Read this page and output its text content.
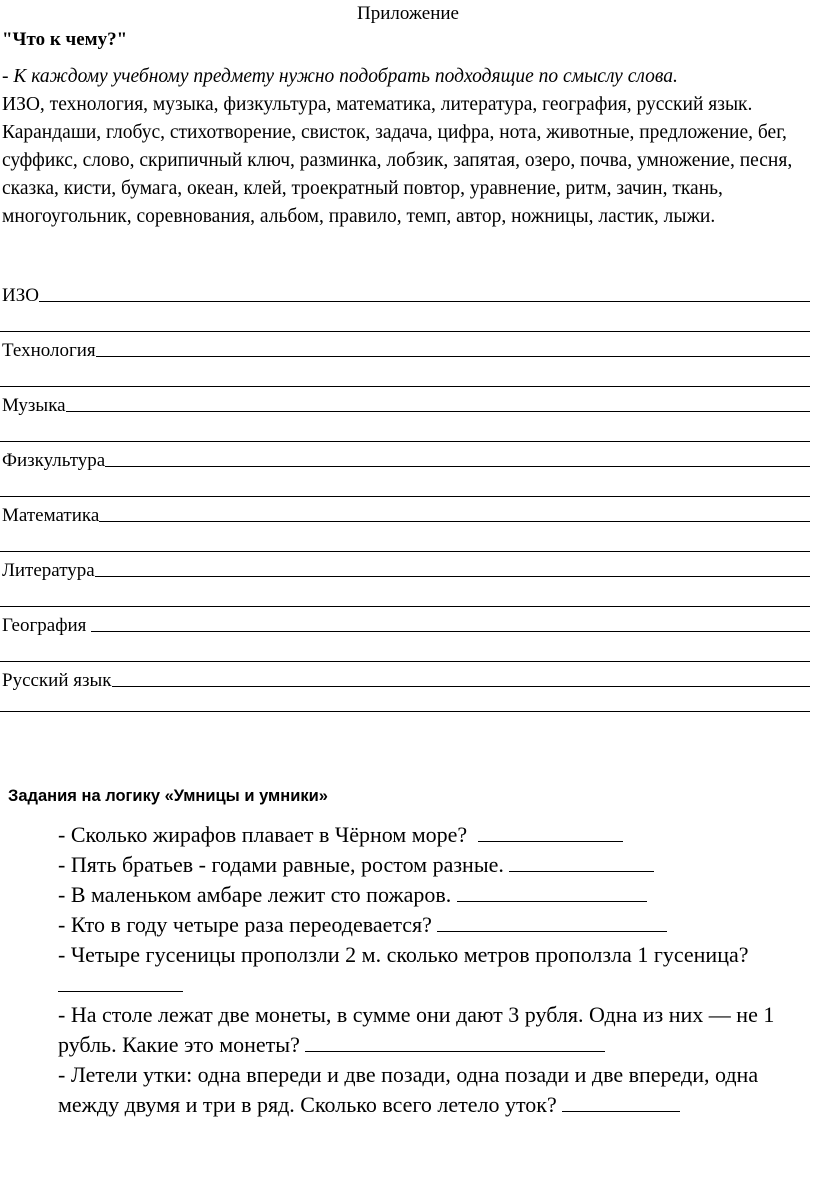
Приложение
"Что к чему?"

- К каждому учебному предмету нужно подобрать подходящие по смыслу слова.

ИЗО, технология, музыка, физкультура, математика, литература, география, русский язык.

Карандаши, глобус, стихотворение, свисток, задача, цифра, нота, животные, предложение, бег, суффикс, слово, скрипичный ключ, разминка, лобзик, запятая, озеро, почва, умножение, песня, сказка, кисти, бумага, океан, клей, троекратный повтор, уравнение, ритм, зачин, ткань, многоугольник, соревнования, альбом, правило, темп, автор, ножницы, ластик, лыжи.

ИЗО
Технология
Музыка
Физкультура
Математика
Литература
География
Русский язык
Задания на логику «Умницы и умники»

- Сколько жирафов плавает в Чёрном море?

- Пять братьев - годами равные, ростом разные.

- В маленьком амбаре лежит сто пожаров.

- Кто в году четыре раза переодевается?

- Четыре гусеницы проползли 2 м. сколько метров проползла 1 гусеница?

- На столе лежат две монеты, в сумме они дают 3 рубля. Одна из них — не 1 рубль. Какие это монеты?

- Летели утки: одна впереди и две позади, одна позади и две впереди, одна между двумя и три в ряд. Сколько всего летело уток?
